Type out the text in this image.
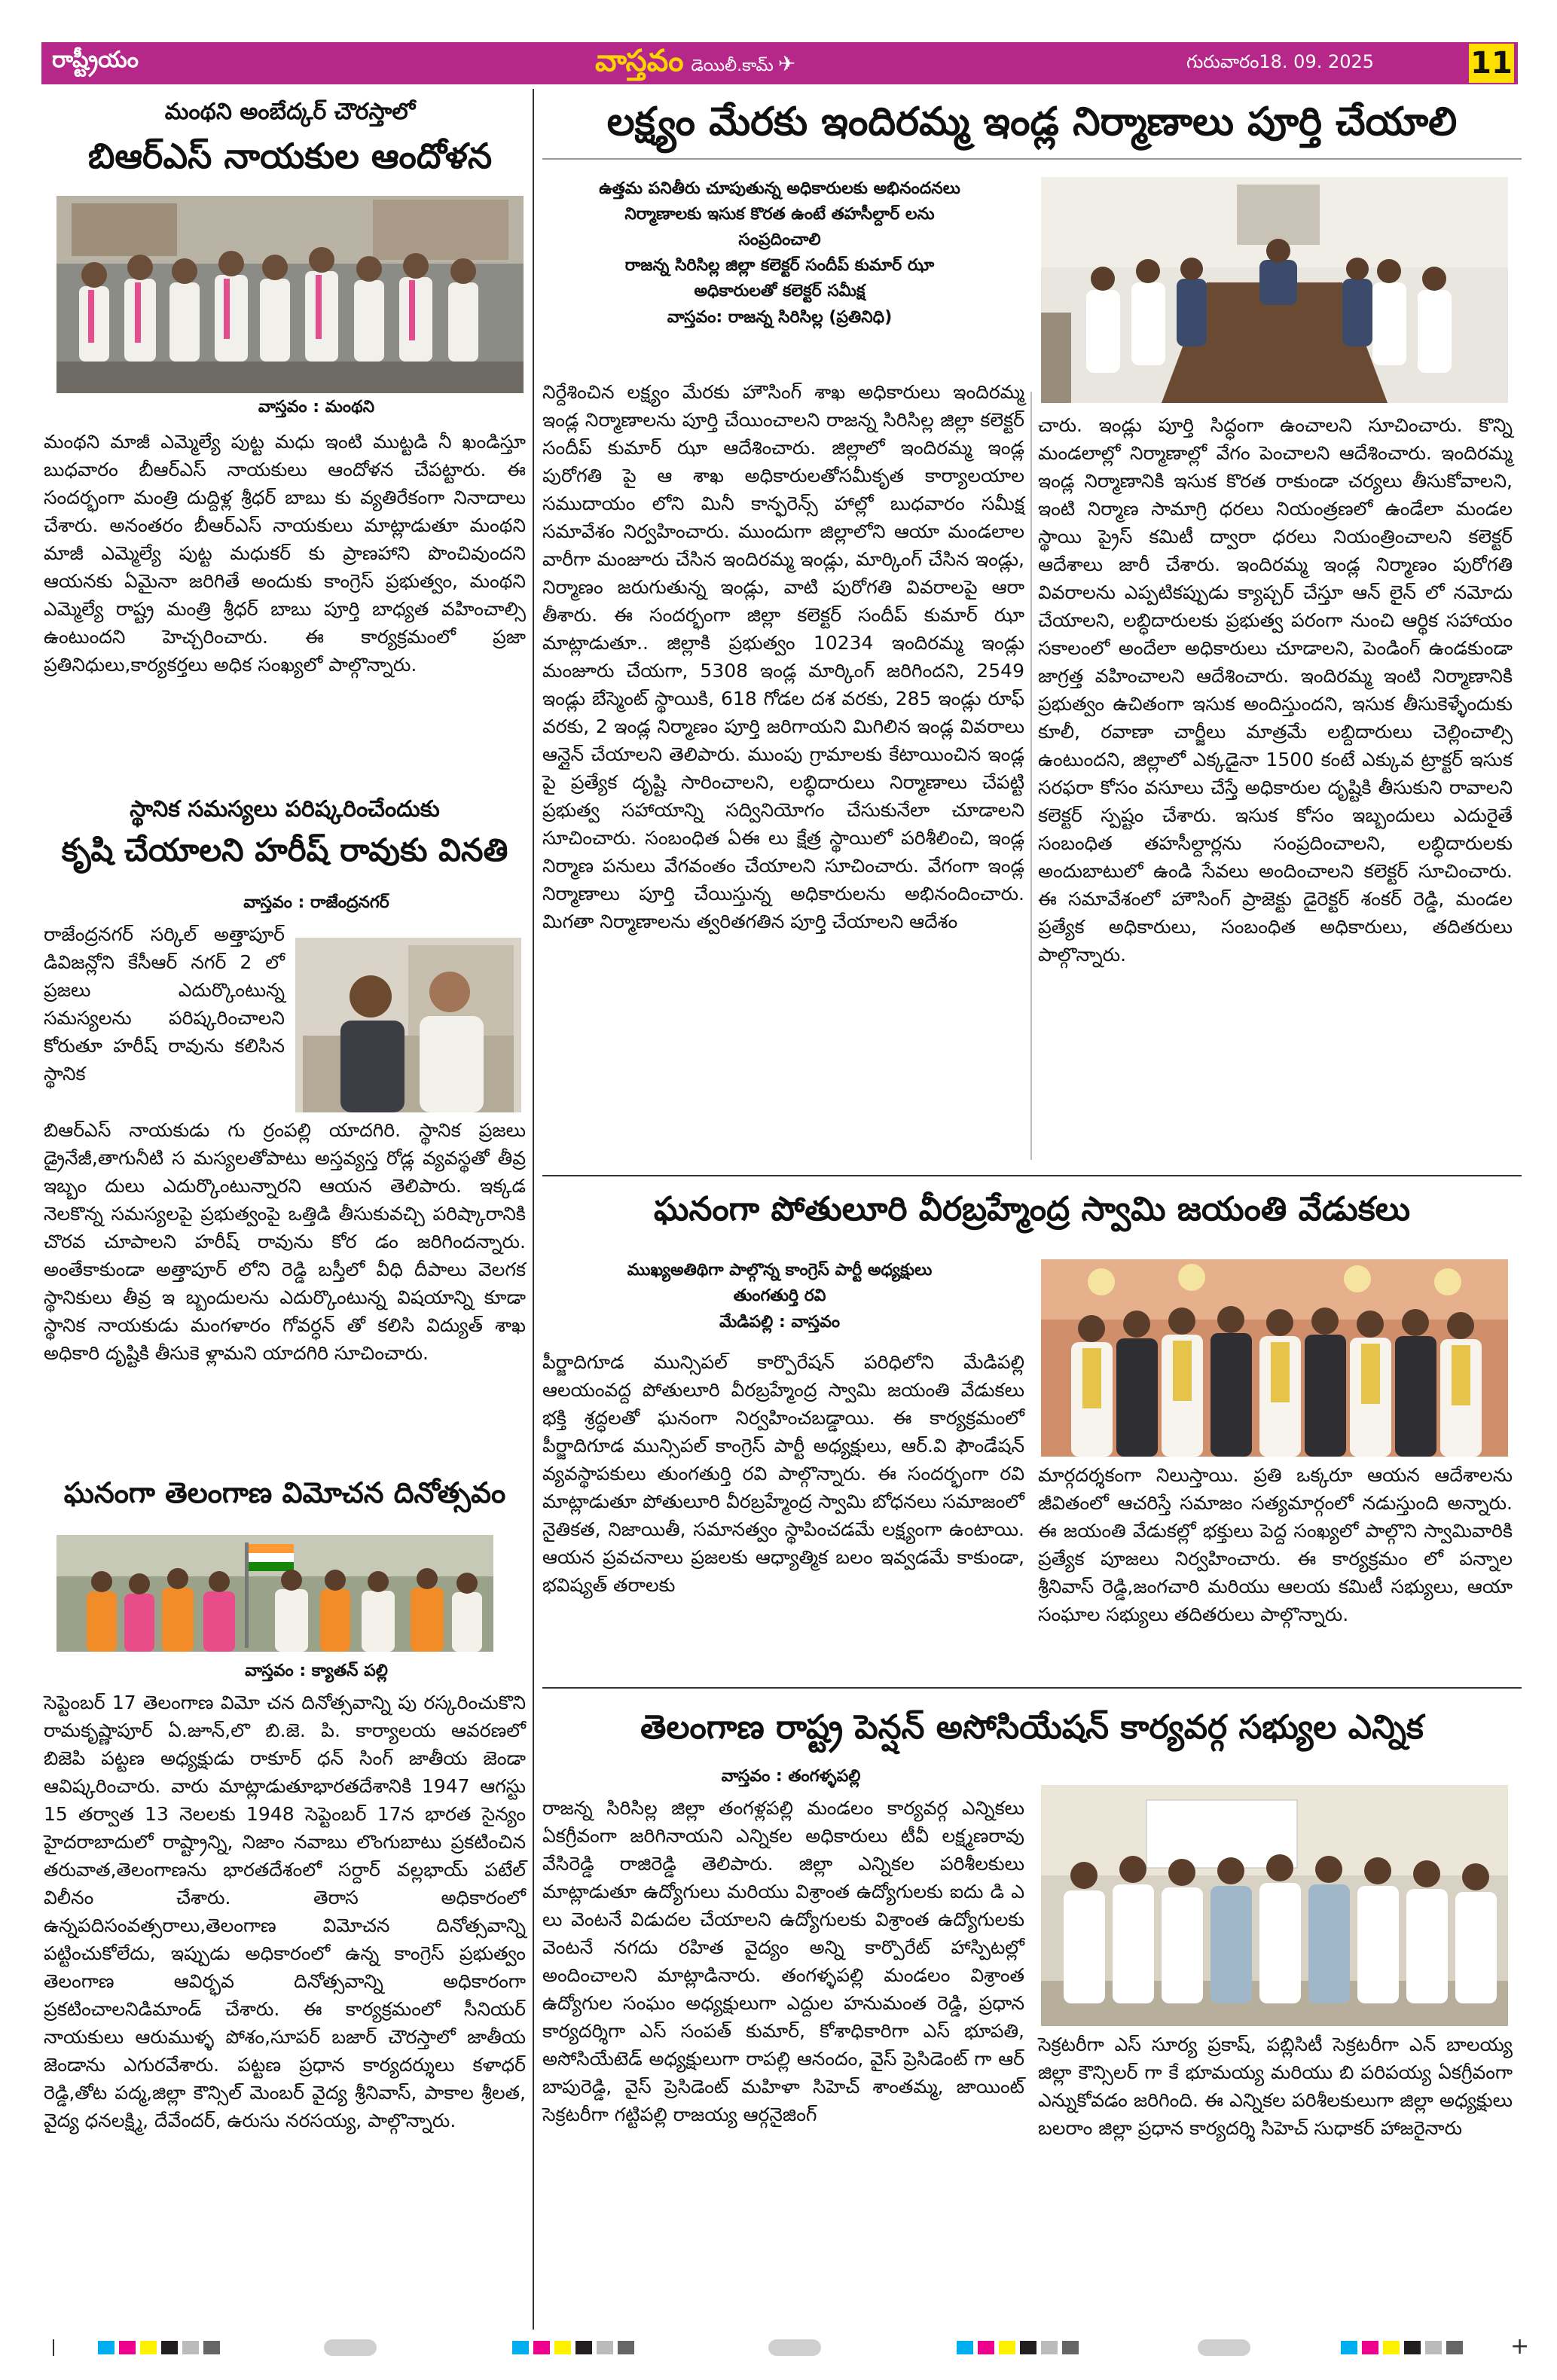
రాష్ట్రీయం	వాస్తవం డెయిలీ.కామ్ ✈	గురువారం18. 09. 2025	11
మంథని అంబేద్కర్ చౌరస్తాలో
బిఆర్ఎస్ నాయకుల ఆందోళన
వాస్తవం : మంథని
మంథని మాజీ ఎమ్మెల్యే పుట్ట మధు ఇంటి ముట్టడి నీ ఖండిస్తూ బుధవారం బీఆర్ఎస్ నాయకులు ఆందోళన చేపట్టారు. ఈ సందర్భంగా మంత్రి దుద్దిళ్ల శ్రీధర్ బాబు కు వ్యతిరేకంగా నినాదాలు చేశారు. అనంతరం బీఆర్ఎస్ నాయకులు మాట్లాడుతూ మంథని మాజీ ఎమ్మెల్యే పుట్ట మధుకర్ కు ప్రాణహాని పొంచివుందని ఆయనకు ఏమైనా జరిగితే అందుకు కాంగ్రెస్ ప్రభుత్వం, మంథని ఎమ్మెల్యే రాష్ట్ర మంత్రి శ్రీధర్ బాబు పూర్తి బాధ్యత వహించాల్సి ఉంటుందని హెచ్చరించారు. ఈ కార్యక్రమంలో ప్రజా ప్రతినిధులు,కార్యకర్తలు అధిక సంఖ్యలో పాల్గొన్నారు.
స్థానిక సమస్యలు పరిష్కరించేందుకు
కృషి చేయాలని హరీష్ రావుకు వినతి
వాస్తవం : రాజేంద్రనగర్
రాజేంద్రనగర్ సర్కిల్ అత్తాపూర్ డివిజన్లోని కేసీఆర్ నగర్ 2 లో ప్రజలు ఎదుర్కొంటున్న సమస్యలను పరిష్కరించాలని కోరుతూ హరీష్ రావును కలిసిన స్థానిక
బిఆర్ఎస్ నాయకుడు గు ర్రంపల్లి యాదగిరి. స్థానిక ప్రజలు డ్రైనేజీ,తాగునీటి స మస్యలతోపాటు అస్తవ్యస్త రోడ్ల వ్యవస్థతో తీవ్ర ఇబ్బం దులు ఎదుర్కొంటున్నారని ఆయన తెలిపారు. ఇక్కడ నెలకొన్న సమస్యలపై ప్రభుత్వంపై ఒత్తిడి తీసుకువచ్చి పరిష్కారానికి చొరవ చూపాలని హరీష్ రావును కోర డం జరిగిందన్నారు. అంతేకాకుండా అత్తాపూర్ లోని రెడ్డి బస్తీలో వీధి దీపాలు వెలగక స్థానికులు తీవ్ర ఇ బ్బందులను ఎదుర్కొంటున్న విషయాన్ని కూడా స్థానిక నాయకుడు మంగళారం గోవర్ధన్ తో కలిసి విద్యుత్ శాఖ అధికారి దృష్టికి తీసుకె ళ్లామని యాదగిరి సూచించారు.
ఘనంగా తెలంగాణ విమోచన దినోత్సవం
వాస్తవం : క్యాతన్ పల్లి
సెప్టెంబర్ 17 తెలంగాణ విమో చన దినోత్సవాన్ని పు రస్కరించుకొని రామకృష్ణాపూర్ ఏ.జూన్,లొ బి.జె. పి. కార్యాలయ ఆవరణలో బిజెపి పట్టణ అధ్యక్షుడు రాకూర్ ధన్ సింగ్ జాతీయ జెండా ఆవిష్కరించారు. వారు మాట్లాడుతూభారతదేశానికి 1947 ఆగస్టు 15 తర్వాత 13 నెలలకు 1948 సెప్టెంబర్ 17న భారత సైన్యం హైదరాబాదులో రాష్ట్రాన్ని, నిజాం నవాబు లొంగుబాటు ప్రకటించిన తరువాత,తెలంగాణను భారతదేశంలో సర్దార్ వల్లభాయ్ పటేల్ విలీనం చేశారు. తెరాస అధికారంలో ఉన్నపదిసంవత్సరాలు,తెలంగాణ విమోచన దినోత్సవాన్ని పట్టించుకోలేదు, ఇప్పుడు అధికారంలో ఉన్న కాంగ్రెస్ ప్రభుత్వం తెలంగాణ ఆవిర్భవ దినోత్సవాన్ని అధికారంగా ప్రకటించాలనిడిమాండ్ చేశారు. ఈ కార్యక్రమంలో సీనియర్ నాయకులు ఆరుముళ్ళ పోశం,సూపర్ బజార్ చౌరస్తాలో జాతీయ జెండాను ఎగురవేశారు. పట్టణ ప్రధాన కార్యదర్శులు కళాధర్ రెడ్డి,తోట పద్మ,జిల్లా కౌన్సిల్ మెంబర్ వైద్య శ్రీనివాస్, పాకాల శ్రీలత, వైద్య ధనలక్ష్మి, దేవేందర్, ఉరుసు నరసయ్య, పాల్గొన్నారు.
లక్ష్యం మేరకు ఇందిరమ్మ ఇండ్ల నిర్మాణాలు పూర్తి చేయాలి
ఉత్తమ పనితీరు చూపుతున్న అధికారులకు అభినందనలు
నిర్మాణాలకు ఇసుక కొరత ఉంటే తహసీల్దార్ లను
సంప్రదించాలి
రాజన్న సిరిసిల్ల జిల్లా కలెక్టర్ సందీప్ కుమార్ ఝా
అధికారులతో కలెక్టర్ సమీక్ష
వాస్తవం: రాజన్న సిరిసిల్ల (ప్రతినిధి)
నిర్దేశించిన లక్ష్యం మేరకు హౌసింగ్ శాఖ అధికారులు ఇందిరమ్మ ఇండ్ల నిర్మాణాలను పూర్తి చేయించాలని రాజన్న సిరిసిల్ల జిల్లా కలెక్టర్ సందీప్ కుమార్ ఝా ఆదేశించారు. జిల్లాలో ఇందిరమ్మ ఇండ్ల పురోగతి పై ఆ శాఖ అధికారులతోసమీకృత కార్యాలయాల సముదాయం లోని మినీ కాన్ఫరెన్స్ హాల్లో బుధవారం సమీక్ష సమావేశం నిర్వహించారు. ముందుగా జిల్లాలోని ఆయా మండలాల వారీగా మంజూరు చేసిన ఇందిరమ్మ ఇండ్లు, మార్కింగ్ చేసిన ఇండ్లు, నిర్మాణం జరుగుతున్న ఇండ్లు, వాటి పురోగతి వివరాలపై ఆరా తీశారు. ఈ సందర్భంగా జిల్లా కలెక్టర్ సందీప్ కుమార్ ఝా మాట్లాడుతూ.. జిల్లాకి ప్రభుత్వం 10234 ఇందిరమ్మ ఇండ్లు మంజూరు చేయగా, 5308 ఇండ్ల మార్కింగ్ జరిగిందని, 2549 ఇండ్లు బేస్మెంట్ స్థాయికి, 618 గోడల దశ వరకు, 285 ఇండ్లు రూఫ్ వరకు, 2 ఇండ్ల నిర్మాణం పూర్తి జరిగాయని మిగిలిన ఇండ్ల వివరాలు ఆన్లైన్ చేయాలని తెలిపారు. ముంపు గ్రామాలకు కేటాయించిన ఇండ్ల పై ప్రత్యేక దృష్టి సారించాలని, లబ్ధిదారులు నిర్మాణాలు చేపట్టి ప్రభుత్వ సహాయాన్ని సద్వినియోగం చేసుకునేలా చూడాలని సూచించారు. సంబంధిత ఏఈ లు క్షేత్ర స్థాయిలో పరిశీలించి, ఇండ్ల నిర్మాణ పనులు వేగవంతం చేయాలని సూచించారు. వేగంగా ఇండ్ల నిర్మాణాలు పూర్తి చేయిస్తున్న అధికారులను అభినందించారు. మిగతా నిర్మాణాలను త్వరితగతిన పూర్తి చేయాలని ఆదేశం
చారు. ఇండ్లు పూర్తి సిద్ధంగా ఉంచాలని సూచించారు. కొన్ని మండలాల్లో నిర్మాణాల్లో వేగం పెంచాలని ఆదేశించారు. ఇందిరమ్మ ఇండ్ల నిర్మాణానికి ఇసుక కొరత రాకుండా చర్యలు తీసుకోవాలని, ఇంటి నిర్మాణ సామాగ్రి ధరలు నియంత్రణలో ఉండేలా మండల స్థాయి ప్రైస్ కమిటీ ద్వారా ధరలు నియంత్రించాలని కలెక్టర్ ఆదేశాలు జారీ చేశారు. ఇందిరమ్మ ఇండ్ల నిర్మాణం పురోగతి వివరాలను ఎప్పటికప్పుడు క్యాప్చర్ చేస్తూ ఆన్ లైన్ లో నమోదు చేయాలని, లబ్ధిదారులకు ప్రభుత్వ పరంగా నుంచి ఆర్థిక సహాయం సకాలంలో అందేలా అధికారులు చూడాలని, పెండింగ్ ఉండకుండా జాగ్రత్త వహించాలని ఆదేశించారు. ఇందిరమ్మ ఇంటి నిర్మాణానికి ప్రభుత్వం ఉచితంగా ఇసుక అందిస్తుందని, ఇసుక తీసుకెళ్ళేందుకు కూలీ, రవాణా చార్జీలు మాత్రమే లబ్దిదారులు చెల్లించాల్సి ఉంటుందని, జిల్లాలో ఎక్కడైనా 1500 కంటే ఎక్కువ ట్రాక్టర్ ఇసుక సరఫరా కోసం వసూలు చేస్తే అధికారుల దృష్టికి తీసుకుని రావాలని కలెక్టర్ స్పష్టం చేశారు. ఇసుక కోసం ఇబ్బందులు ఎదురైతే సంబంధిత తహసీల్దార్లను సంప్రదించాలని, లబ్ధిదారులకు అందుబాటులో ఉండి సేవలు అందించాలని కలెక్టర్ సూచించారు. ఈ సమావేశంలో హౌసింగ్ ప్రాజెక్టు డైరెక్టర్ శంకర్ రెడ్డి, మండల ప్రత్యేక అధికారులు, సంబంధిత అధికారులు, తదితరులు పాల్గొన్నారు.
ఘనంగా పోతులూరి వీరబ్రహ్మేంద్ర స్వామి జయంతి వేడుకలు
ముఖ్యఅతిథిగా పాల్గొన్న కాంగ్రెస్ పార్టీ అధ్యక్షులు
తుంగతుర్తి రవి
మేడిపల్లి : వాస్తవం
పీర్జాదిగూడ మున్సిపల్ కార్పొరేషన్ పరిధిలోని మేడిపల్లి ఆలయంవద్ద పోతులూరి వీరబ్రహ్మేంద్ర స్వామి జయంతి వేడుకలు భక్తి శ్రద్ధలతో ఘనంగా నిర్వహించబడ్డాయి. ఈ కార్యక్రమంలో పీర్జాదిగూడ మున్సిపల్ కాంగ్రెస్ పార్టీ అధ్యక్షులు, ఆర్.వి ఫౌండేషన్ వ్యవస్థాపకులు తుంగతుర్తి రవి పాల్గొన్నారు. ఈ సందర్భంగా రవి మాట్లాడుతూ పోతులూరి వీరబ్రహ్మేంద్ర స్వామి బోధనలు సమాజంలో నైతికత, నిజాయితీ, సమానత్వం స్థాపించడమే లక్ష్యంగా ఉంటాయి. ఆయన ప్రవచనాలు ప్రజలకు ఆధ్యాత్మిక బలం ఇవ్వడమే కాకుండా, భవిష్యత్ తరాలకు
మార్గదర్శకంగా నిలుస్తాయి. ప్రతి ఒక్కరూ ఆయన ఆదేశాలను జీవితంలో ఆచరిస్తే సమాజం సత్యమార్గంలో నడుస్తుంది అన్నారు. ఈ జయంతి వేడుకల్లో భక్తులు పెద్ద సంఖ్యలో పాల్గొని స్వామివారికి ప్రత్యేక పూజలు నిర్వహించారు. ఈ కార్యక్రమం లో పన్నాల శ్రీనివాస్ రెడ్డి,జంగచారి మరియు ఆలయ కమిటీ సభ్యులు, ఆయా సంఘాల సభ్యులు తదితరులు పాల్గొన్నారు.
తెలంగాణ రాష్ట్ర పెన్షన్ అసోసియేషన్ కార్యవర్గ సభ్యుల ఎన్నిక
వాస్తవం : తంగళ్ళపల్లి
రాజన్న సిరిసిల్ల జిల్లా తంగళ్లపల్లి మండలం కార్యవర్గ ఎన్నికలు ఏకగ్రీవంగా జరిగినాయని ఎన్నికల అధికారులు టీవీ లక్ష్మణరావు వేసిరెడ్డి రాజిరెడ్డి తెలిపారు. జిల్లా ఎన్నికల పరిశీలకులు మాట్లాడుతూ ఉద్యోగులు మరియు విశ్రాంత ఉద్యోగులకు ఐదు డి ఎ లు వెంటనే విడుదల చేయాలని ఉద్యోగులకు విశ్రాంత ఉద్యోగులకు వెంటనే నగదు రహిత వైద్యం అన్ని కార్పొరేట్ హాస్పిటల్లో అందించాలని మాట్లాడినారు. తంగళ్ళపల్లి మండలం విశ్రాంత ఉద్యోగుల సంఘం అధ్యక్షులుగా ఎద్దుల హనుమంత రెడ్డి, ప్రధాన కార్యదర్శిగా ఎస్ సంపత్ కుమార్, కోశాధికారిగా ఎస్ భూపతి, అసోసియేటెడ్ అధ్యక్షులుగా రాపల్లి ఆనందం, వైస్ ప్రెసిడెంట్ గా ఆర్ బాపురెడ్డి, వైస్ ప్రెసిడెంట్ మహిళా సిహెచ్ శాంతమ్మ, జాయింట్ సెక్రటరీగా గట్టిపల్లి రాజయ్య ఆర్గనైజింగ్
సెక్రటరీగా ఎస్ సూర్య ప్రకాష్, పబ్లిసిటీ సెక్రటరీగా ఎన్ బాలయ్య జిల్లా కౌన్సిలర్ గా కే భూమయ్య మరియు బి పరిపయ్య ఏకగ్రీవంగా ఎన్నుకోవడం జరిగింది. ఈ ఎన్నికల పరిశీలకులుగా జిల్లా అధ్యక్షులు బలరాం జిల్లా ప్రధాన కార్యదర్శి సిహెచ్ సుధాకర్ హాజరైనారు
+
